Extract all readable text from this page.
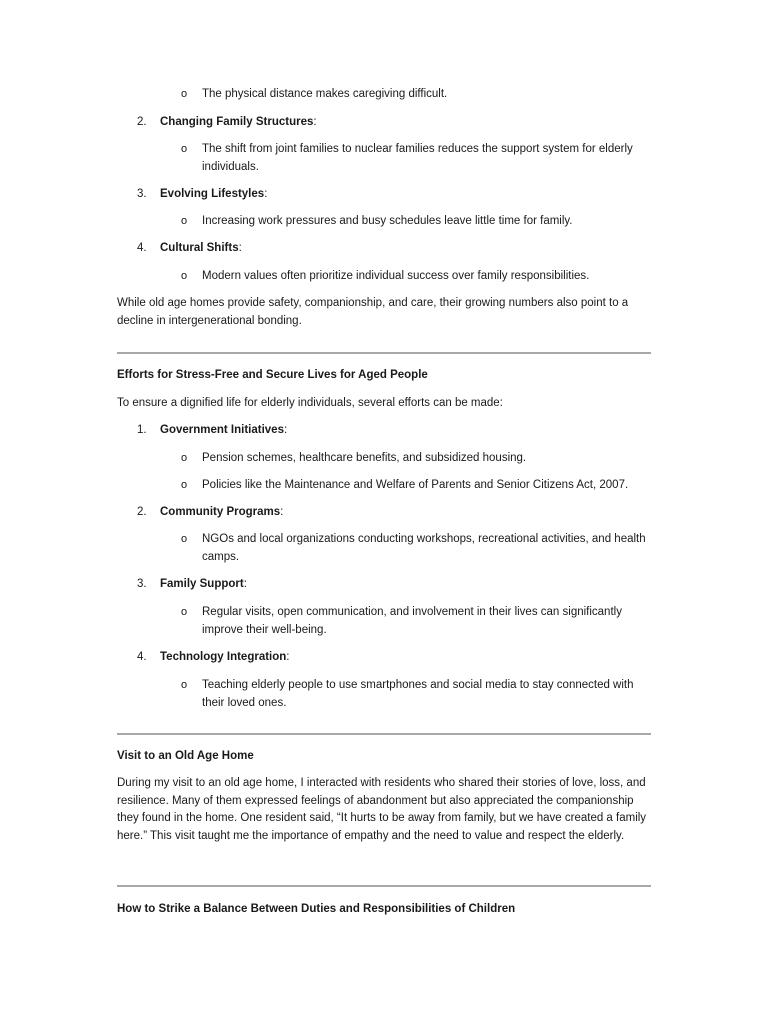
o The physical distance makes caregiving difficult.
2.	Changing Family Structures:
o The shift from joint families to nuclear families reduces the support system for elderly individuals.
3.	Evolving Lifestyles:
o Increasing work pressures and busy schedules leave little time for family.
4.	Cultural Shifts:
o Modern values often prioritize individual success over family responsibilities.

While old age homes provide safety, companionship, and care, their growing numbers also point to a decline in intergenerational bonding.

Efforts for Stress-Free and Secure Lives for Aged People

To ensure a dignified life for elderly individuals, several efforts can be made:

1.	Government Initiatives:
o Pension schemes, healthcare benefits, and subsidized housing.
o Policies like the Maintenance and Welfare of Parents and Senior Citizens Act, 2007.
2.	Community Programs:
o NGOs and local organizations conducting workshops, recreational activities, and health camps.
3.	Family Support:
o Regular visits, open communication, and involvement in their lives can significantly improve their well-being.
4.	Technology Integration:
o Teaching elderly people to use smartphones and social media to stay connected with their loved ones.
Visit to an Old Age Home

During my visit to an old age home, I interacted with residents who shared their stories of love, loss, and resilience. Many of them expressed feelings of abandonment but also appreciated the companionship they found in the home. One resident said, “It hurts to be away from family, but we have created a family here.” This visit taught me the importance of empathy and the need to value and respect the elderly.

How to Strike a Balance Between Duties and Responsibilities of Children
